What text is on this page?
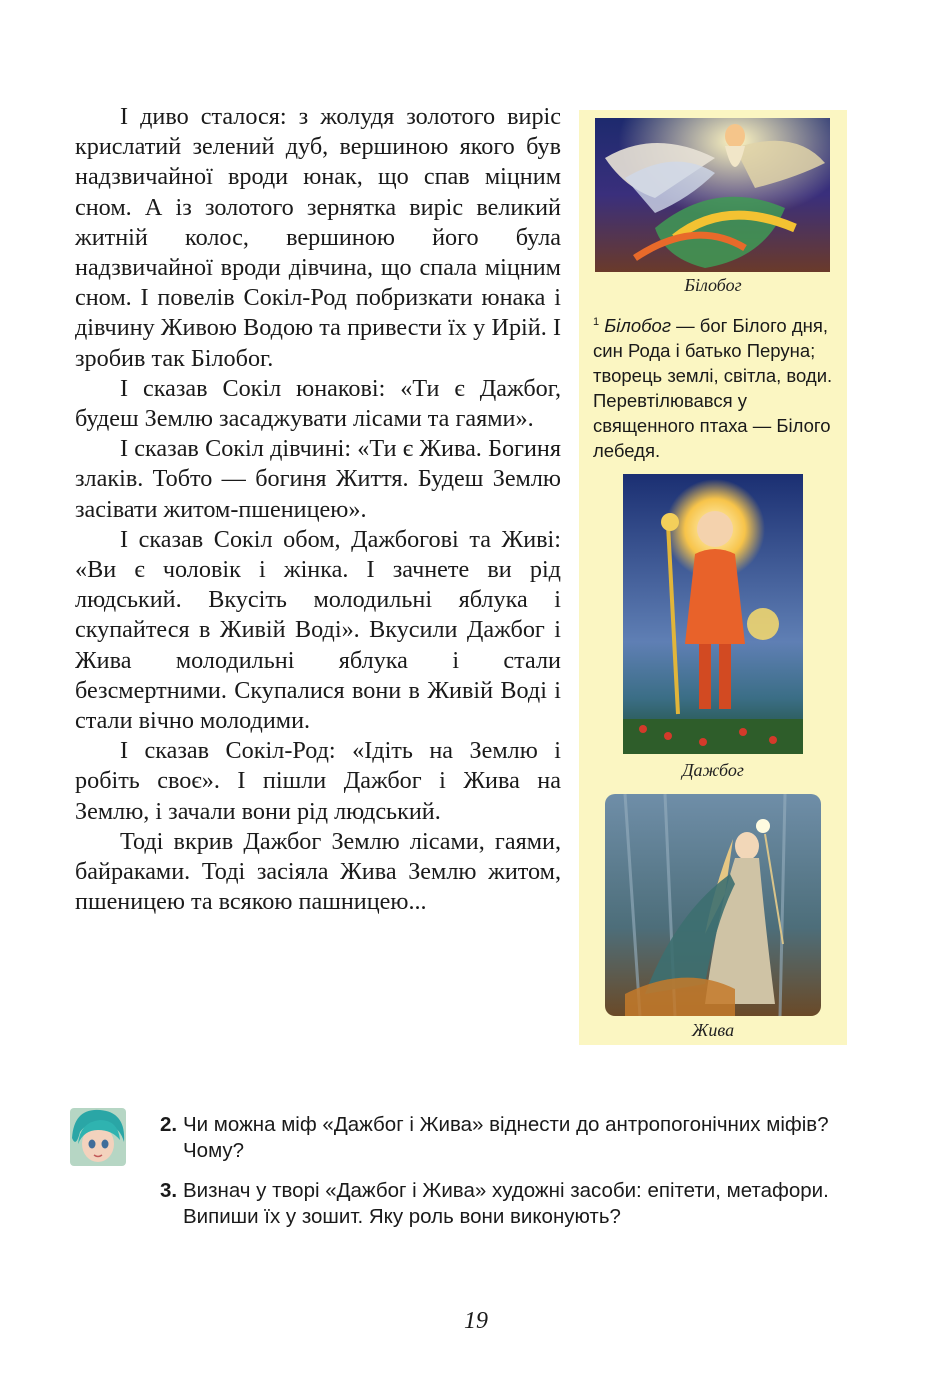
І диво сталося: з жолудя золотого виріс крислатий зелений дуб, вершиною якого був надзвичайної вроди юнак, що спав міцним сном. А із золотого зернятка виріс великий житній колос, вершиною його була надзвичайної вроди дівчина, що спала міцним сном. І повелів Сокіл-Род побризкати юнака і дівчину Живою Водою та привести їх у Ирій. І зробив так Білобог.

І сказав Сокіл юнакові: «Ти є Дажбог, будеш Землю засаджувати лісами та гаями».

І сказав Сокіл дівчині: «Ти є Жива. Богиня злаків. Тобто — богиня Життя. Будеш Землю засівати житом-пшеницею».

І сказав Сокіл обом, Дажбогові та Живі: «Ви є чоловік і жінка. І зачнете ви рід людський. Вкусіть молодильні яблука і скупайтеся в Живій Воді». Вкусили Дажбог і Жива молодильні яблука і стали безсмертними. Скупалися вони в Живій Воді і стали вічно молодими.

І сказав Сокіл-Род: «Ідіть на Землю і робіть своє». І пішли Дажбог і Жива на Землю, і зачали вони рід людський.

Тоді вкрив Дажбог Землю лісами, гаями, байраками. Тоді засіяла Жива Землю житом, пшеницею та всякою пашницею...

Білобог
$^1$ Білобог — бог Білого дня, син Рода і батько Перуна; творець землі, світла, води. Перевтілювався у священного птаха — Білого лебедя.
Дажбог
Жива
2. Чи можна міф «Дажбог і Жива» віднести до антропогонічних міфів? Чому?
3. Визнач у творі «Дажбог і Жива» художні засоби: епітети, метафори. Випиши їх у зошит. Яку роль вони виконують?
19
